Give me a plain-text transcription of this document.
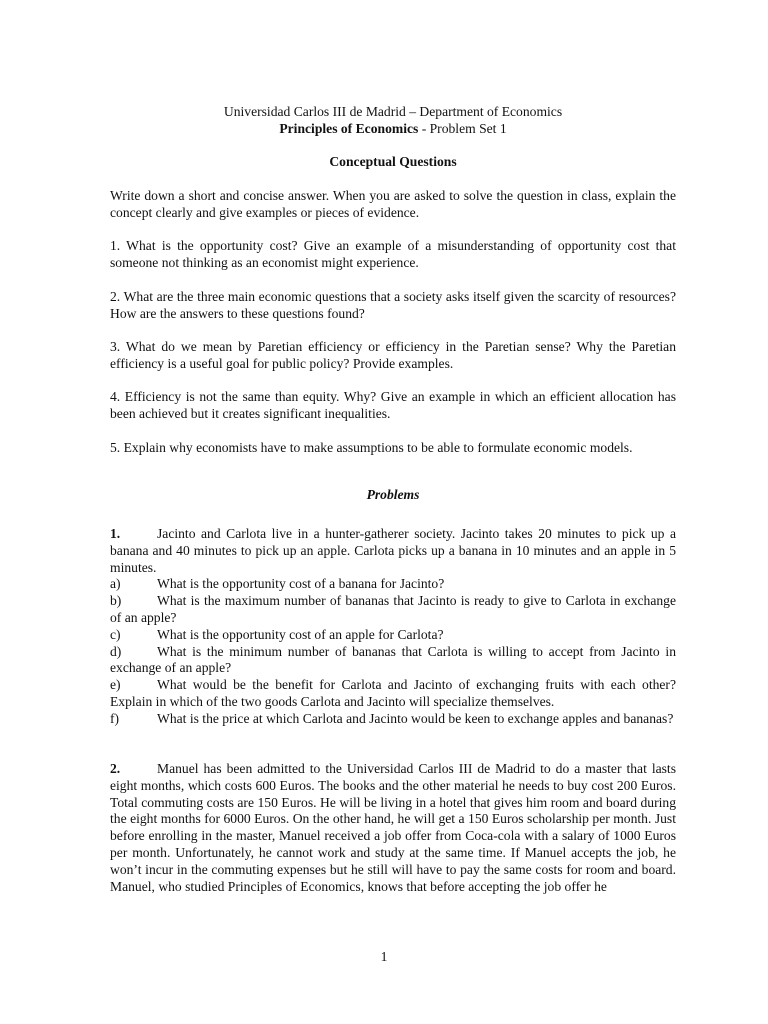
Universidad Carlos III de Madrid – Department of Economics
Principles of Economics - Problem Set 1
Conceptual Questions
Write down a short and concise answer. When you are asked to solve the question in class, explain the concept clearly and give examples or pieces of evidence.
1. What is the opportunity cost? Give an example of a misunderstanding of opportunity cost that someone not thinking as an economist might experience.
2. What are the three main economic questions that a society asks itself given the scarcity of resources? How are the answers to these questions found?
3. What do we mean by Paretian efficiency or efficiency in the Paretian sense? Why the Paretian efficiency is a useful goal for public policy? Provide examples.
4. Efficiency is not the same than equity. Why? Give an example in which an efficient allocation has been achieved but it creates significant inequalities.
5. Explain why economists have to make assumptions to be able to formulate economic models.
Problems
1.	Jacinto and Carlota live in a hunter-gatherer society. Jacinto takes 20 minutes to pick up a banana and 40 minutes to pick up an apple. Carlota picks up a banana in 10 minutes and an apple in 5 minutes.
a)	What is the opportunity cost of a banana for Jacinto?
b)	What is the maximum number of bananas that Jacinto is ready to give to Carlota in exchange of an apple?
c)	What is the opportunity cost of an apple for Carlota?
d)	What is the minimum number of bananas that Carlota is willing to accept from Jacinto in exchange of an apple?
e)	What would be the benefit for Carlota and Jacinto of exchanging fruits with each other? Explain in which of the two goods Carlota and Jacinto will specialize themselves.
f)	What is the price at which Carlota and Jacinto would be keen to exchange apples and bananas?
2.	Manuel has been admitted to the Universidad Carlos III de Madrid to do a master that lasts eight months, which costs 600 Euros. The books and the other material he needs to buy cost 200 Euros. Total commuting costs are 150 Euros. He will be living in a hotel that gives him room and board during the eight months for 6000 Euros. On the other hand, he will get a 150 Euros scholarship per month. Just before enrolling in the master, Manuel received a job offer from Coca-cola with a salary of 1000 Euros per month. Unfortunately, he cannot work and study at the same time. If Manuel accepts the job, he won’t incur in the commuting expenses but he still will have to pay the same costs for room and board. Manuel, who studied Principles of Economics, knows that before accepting the job offer he
1
